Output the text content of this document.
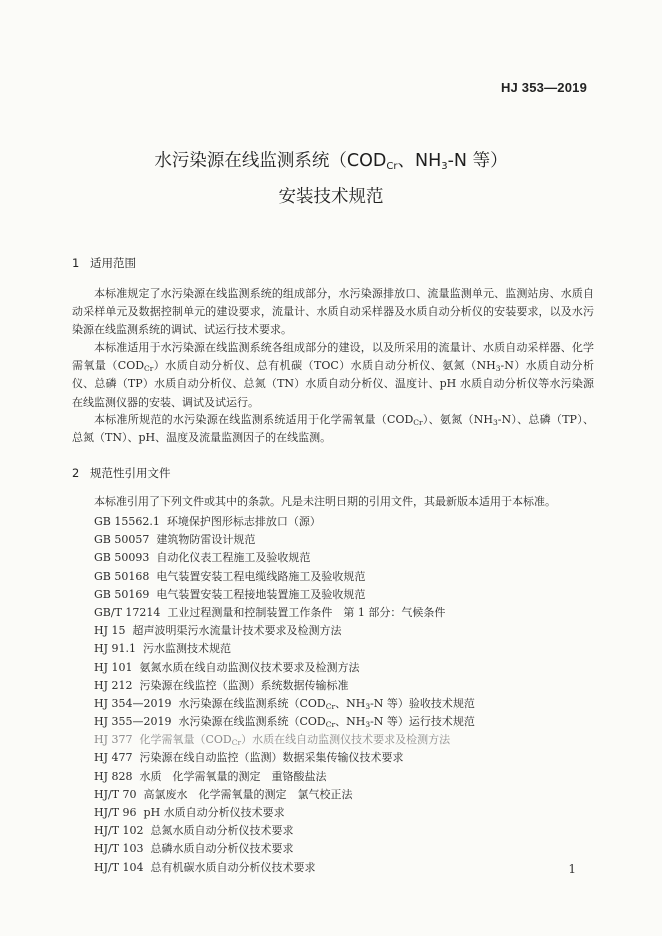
HJ 353—2019
水污染源在线监测系统（$COD_{Cr}$、$NH_3-N$ 等）
安装技术规范
1 适用范围
本标准规定了水污染源在线监测系统的组成部分，水污染源排放口、流量监测单元、监测站房、水质自动采样单元及数据控制单元的建设要求，流量计、水质自动采样器及水质自动分析仪的安装要求，以及水污染源在线监测系统的调试、试运行技术要求。
本标准适用于水污染源在线监测系统各组成部分的建设，以及所采用的流量计、水质自动采样器、化学需氧量$(COD_{Cr})$水质自动分析仪、总有机碳（TOC）水质自动分析仪、氨氮$(NH_3-N)$水质自动分析仪、总磷（TP）水质自动分析仪、总氮（TN）水质自动分析仪、温度计、pH 水质自动分析仪等水污染源在线监测仪器的安装、调试及试运行。
本标准所规范的水污染源在线监测系统适用于化学需氧量$(COD_{Cr})$、氨氮$(NH_3-N)$、总磷（TP）、总氮（TN）、pH、温度及流量监测因子的在线监测。
2 规范性引用文件
本标准引用了下列文件或其中的条款。凡是未注明日期的引用文件，其最新版本适用于本标准。
GB 15562.1 环境保护图形标志排放口（源）
GB 50057 建筑物防雷设计规范
GB 50093 自动化仪表工程施工及验收规范
GB 50168 电气装置安装工程电缆线路施工及验收规范
GB 50169 电气装置安装工程接地装置施工及验收规范
GB/T 17214 工业过程测量和控制装置工作条件　第 1 部分：气候条件
HJ 15 超声波明渠污水流量计技术要求及检测方法
HJ 91.1 污水监测技术规范
HJ 101 氨氮水质在线自动监测仪技术要求及检测方法
HJ 212 污染源在线监控（监测）系统数据传输标准
HJ 354—2019 水污染源在线监测系统（$COD_{Cr}$、$NH_3-N$ 等）验收技术规范
HJ 355—2019 水污染源在线监测系统（$COD_{Cr}$、$NH_3-N$ 等）运行技术规范
HJ 377 化学需氧量$(COD_{Cr})$水质在线自动监测仪技术要求及检测方法
HJ 477 污染源在线自动监控（监测）数据采集传输仪技术要求
HJ 828 水质　化学需氧量的测定　重铬酸盐法
HJ/T 70 高氯废水　化学需氧量的测定　氯气校正法
HJ/T 96 pH 水质自动分析仪技术要求
HJ/T 102 总氮水质自动分析仪技术要求
HJ/T 103 总磷水质自动分析仪技术要求
HJ/T 104 总有机碳水质自动分析仪技术要求	1
